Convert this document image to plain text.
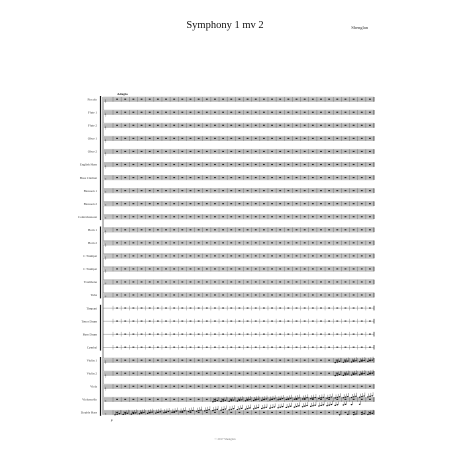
Symphony 1 mv 2	Shenglan
Adagio
Piccolo	𝄞
Flute 1	𝄞
Flute 2	𝄞
Oboe 1	𝄞
Oboe 2	𝄞
English Horn	𝄞
Bass Clarinet	𝄢
Bassoon 1	𝄢
Bassoon 2	𝄢
Contrabassoon	𝄢
Horn 1	𝄞
Horn 2	𝄞
C Trumpet	𝄞
C Trumpet	𝄞
Trombone	𝄢
Tuba	𝄢
Timpani
Tenor Drum
Bass Drum
Cymbal
Violin 1	𝄞
Violin 2	𝄞
Viola	𝄞
Violoncello	𝄢
Double Bass	𝄢
p
© 2017 Shenglan
